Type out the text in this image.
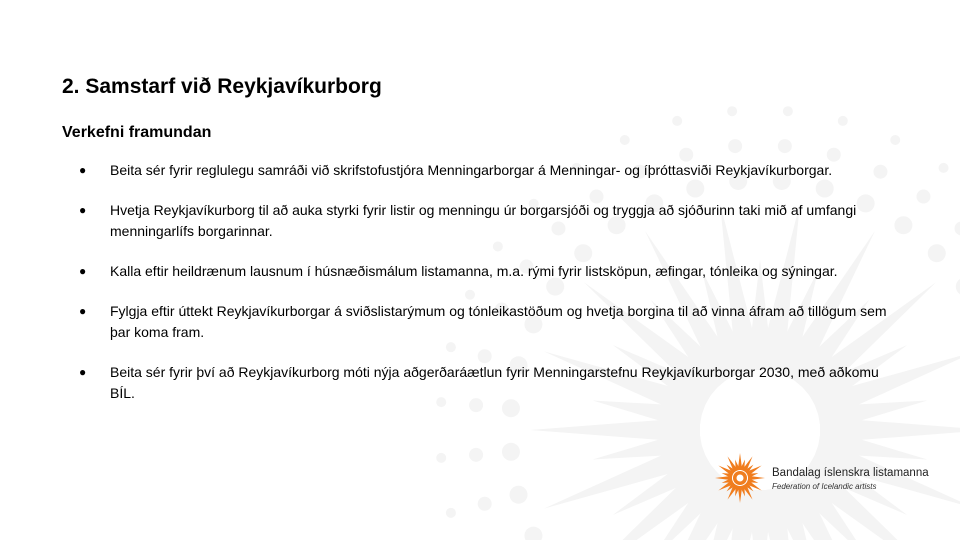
2. Samstarf við Reykjavíkurborg
Verkefni framundan
● Beita sér fyrir reglulegu samráði við skrifstofustjóra Menningarborgar á Menningar- og íþróttasviði Reykjavíkurborgar.
● Hvetja Reykjavíkurborg til að auka styrki fyrir listir og menningu úr borgarsjóði og tryggja að sjóðurinn taki mið af umfangi menningarlífs borgarinnar.
● Kalla eftir heildrænum lausnum í húsnæðismálum listamanna, m.a. rými fyrir listsköpun, æfingar, tónleika og sýningar.
● Fylgja eftir úttekt Reykjavíkurborgar á sviðslistarýmum og tónleikastöðum og hvetja borgina til að vinna áfram að tillögum sem þar koma fram.
● Beita sér fyrir því að Reykjavíkurborg móti nýja aðgerðaráætlun fyrir Menningarstefnu Reykjavíkurborgar 2030, með aðkomu BÍL.
Bandalag íslenskra listamanna
Federation of Icelandic artists
